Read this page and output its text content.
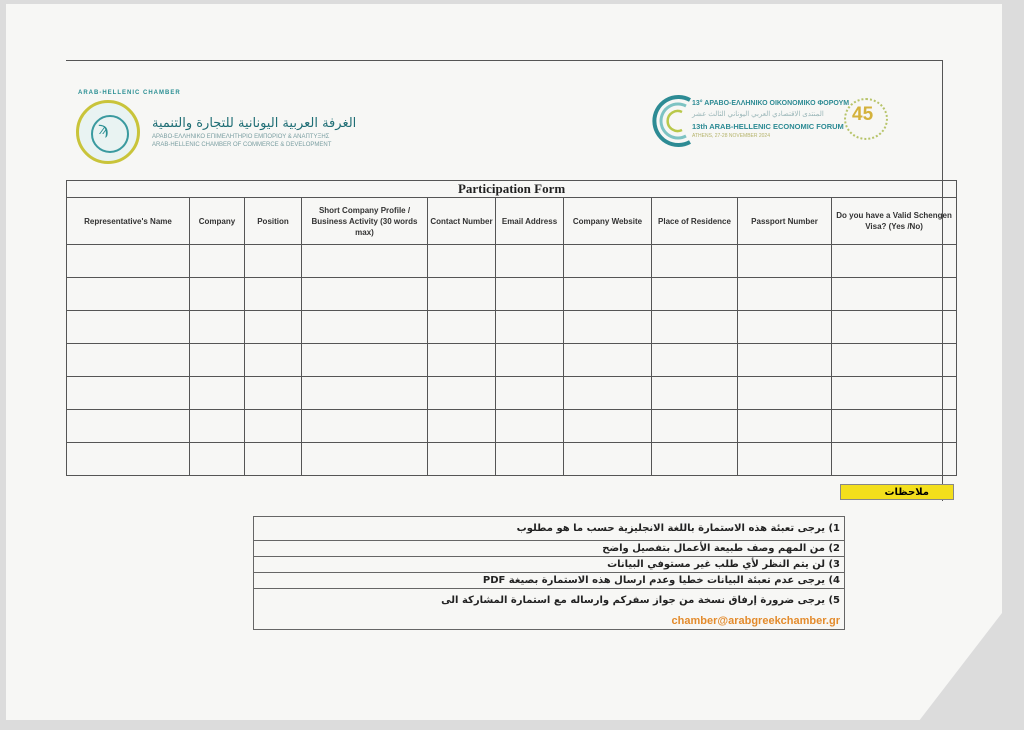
ϡ
ARAB-HELLENIC CHAMBER
الغرفة العربية اليونانية للتجارة والتنمية
ΑΡΑΒΟ-ΕΛΛΗΝΙΚΟ ΕΠΙΜΕΛΗΤΗΡΙΟ ΕΜΠΟΡΙΟΥ & ΑΝΑΠΤΥΞΗΣ
ARAB-HELLENIC CHAMBER OF COMMERCE & DEVELOPMENT
13° ΑΡΑΒΟ-ΕΛΛΗΝΙΚΟ ΟΙΚΟΝΟΜΙΚΟ ΦΟΡΟΥΜ
المنتدى الاقتصادي العربي اليوناني الثالث عشر
13th ARAB-HELLENIC ECONOMIC FORUM
ATHENS, 27-28 NOVEMBER 2024
45
Participation Form									
Representative's Name	Company	Position	Short Company Profile / Business Activity (30 words max)	Contact Number	Email Address	Company Website	Place of Residence	Passport Number	Do you have a Valid Schengen Visa? (Yes /No)

ملاحظات
1) يرجى تعبئة هذه الاستمارة باللغة الانجليزية حسب ما هو مطلوب
2) من المهم وصف طبيعة الأعمال بتفصيل واضح
3) لن يتم النظر لأي طلب غير مستوفي البيانات
4) يرجى عدم تعبئة البيانات خطيا وعدم ارسال هذه الاستمارة بصيغة PDF
5) يرجى ضرورة إرفاق نسخة من جواز سفركم وارساله مع استمارة المشاركة الى
chamber@arabgreekchamber.gr
